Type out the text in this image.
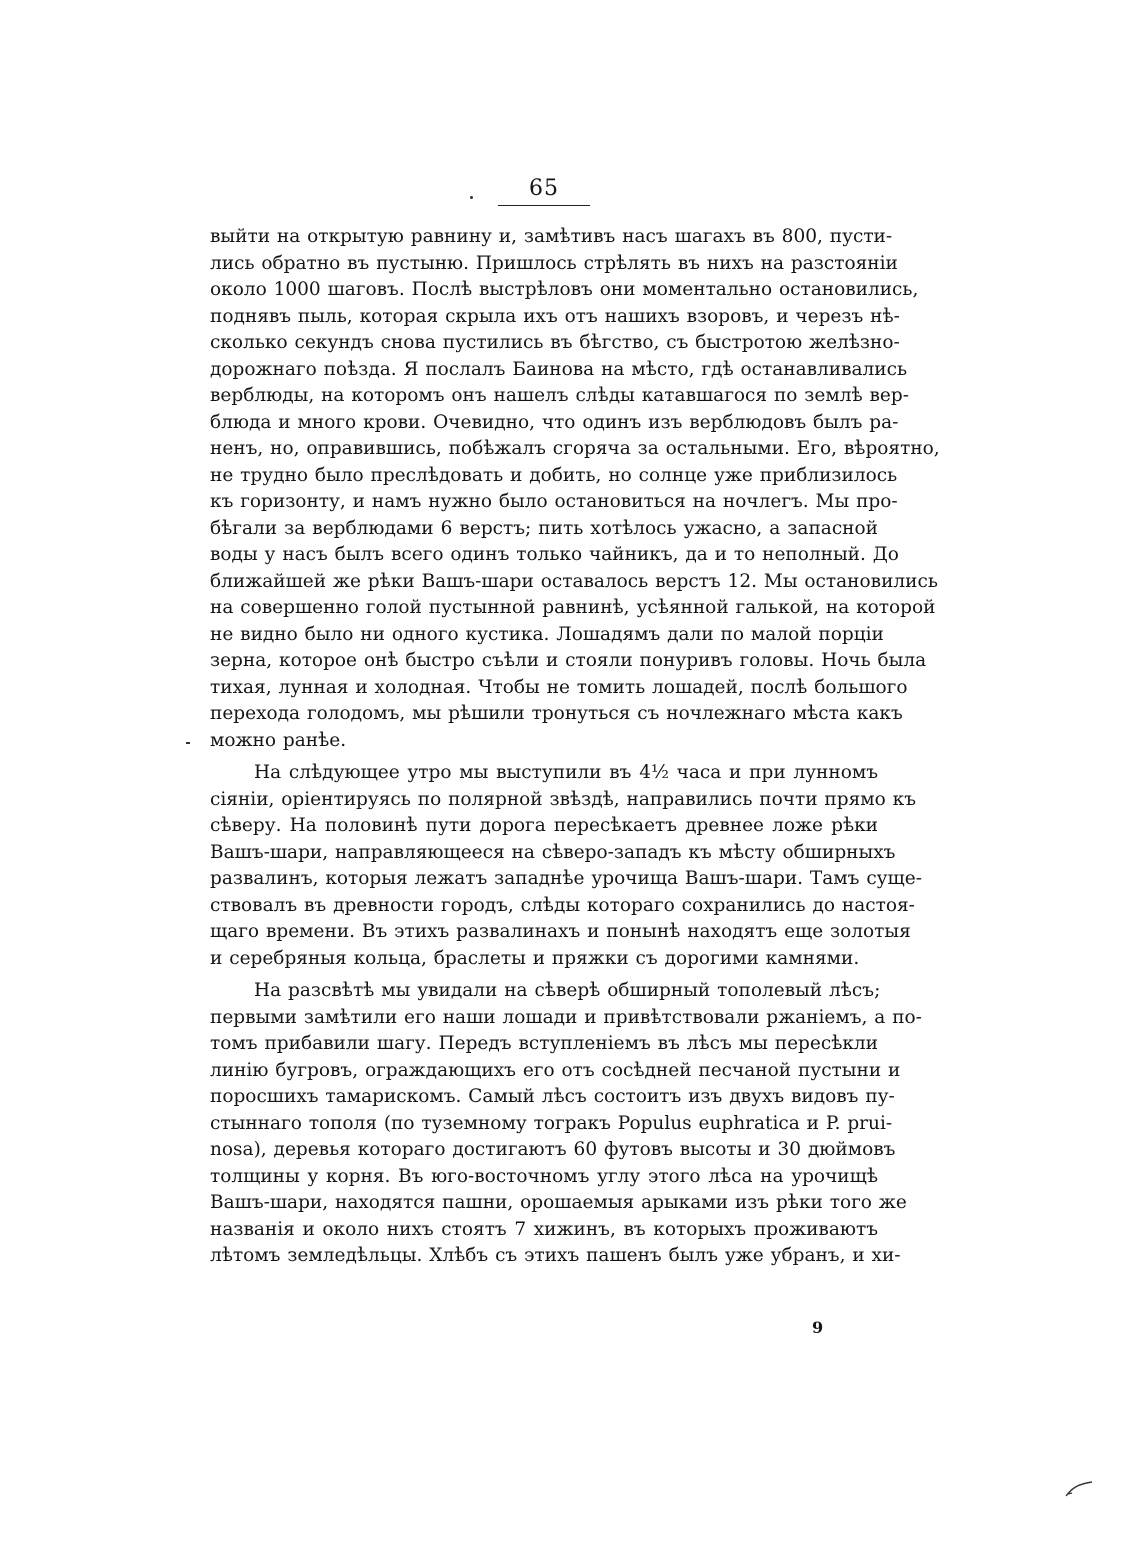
65
выйти на открытую равнину и, замѣтивъ насъ шагахъ въ 800, пусти-
лись обратно въ пустыню. Пришлось стрѣлять въ нихъ на разстояніи
около 1000 шаговъ. Послѣ выстрѣловъ они моментально остановились,
поднявъ пыль, которая скрыла ихъ отъ нашихъ взоровъ, и черезъ нѣ-
сколько секундъ снова пустились въ бѣгство, съ быстротою желѣзно-
дорожнаго поѣзда. Я послалъ Баинова на мѣсто, гдѣ останавливались
верблюды, на которомъ онъ нашелъ слѣды катавшагося по землѣ вер-
блюда и много крови. Очевидно, что одинъ изъ верблюдовъ былъ ра-
ненъ, но, оправившись, побѣжалъ сгоряча за остальными. Его, вѣроятно,
не трудно было преслѣдовать и добить, но солнце уже приблизилось
къ горизонту, и намъ нужно было остановиться на ночлегъ. Мы про-
бѣгали за верблюдами 6 верстъ; пить хотѣлось ужасно, а запасной
воды у насъ былъ всего одинъ только чайникъ, да и то неполный. До
ближайшей же рѣки Вашъ-шари оставалось верстъ 12. Мы остановились
на совершенно голой пустынной равнинѣ, усѣянной галькой, на которой
не видно было ни одного кустика. Лошадямъ дали по малой порціи
зерна, которое онѣ быстро съѣли и стояли понуривъ головы. Ночь была
тихая, лунная и холодная. Чтобы не томить лошадей, послѣ большого
перехода голодомъ, мы рѣшили тронуться съ ночлежнаго мѣста какъ
можно ранѣе.
На слѣдующее утро мы выступили въ 4½ часа и при лунномъ
сіяніи, оріентируясь по полярной звѣздѣ, направились почти прямо къ
сѣверу. На половинѣ пути дорога пересѣкаетъ древнее ложе рѣки
Вашъ-шари, направляющееся на сѣверо-западъ къ мѣсту обширныхъ
развалинъ, которыя лежатъ западнѣе урочища Вашъ-шари. Тамъ суще-
ствовалъ въ древности городъ, слѣды котораго сохранились до настоя-
щаго времени. Въ этихъ развалинахъ и понынѣ находятъ еще золотыя
и серебряныя кольца, браслеты и пряжки съ дорогими камнями.
На разсвѣтѣ мы увидали на сѣверѣ обширный тополевый лѣсъ;
первыми замѣтили его наши лошади и привѣтствовали ржаніемъ, а по-
томъ прибавили шагу. Передъ вступленіемъ въ лѣсъ мы пересѣкли
линію бугровъ, ограждающихъ его отъ сосѣдней песчаной пустыни и
поросшихъ тамарискомъ. Самый лѣсъ состоитъ изъ двухъ видовъ пу-
стыннаго тополя (по туземному тогракъ Populus euphratica и P. prui-
nosa), деревья котораго достигаютъ 60 футовъ высоты и 30 дюймовъ
толщины у корня. Въ юго-восточномъ углу этого лѣса на урочищѣ
Вашъ-шари, находятся пашни, орошаемыя арыками изъ рѣки того же
названія и около нихъ стоятъ 7 хижинъ, въ которыхъ проживаютъ
лѣтомъ земледѣльцы. Хлѣбъ съ этихъ пашенъ былъ уже убранъ, и хи-
9
